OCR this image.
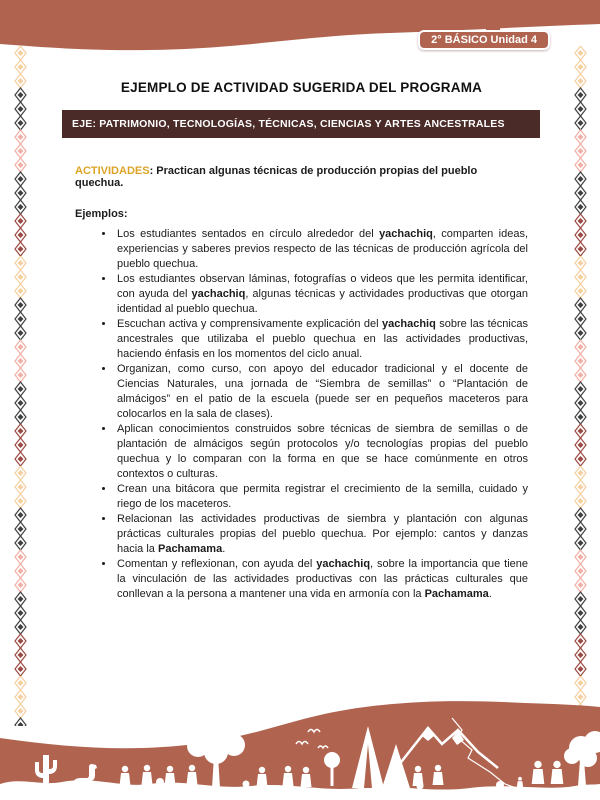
2° BÁSICO Unidad 4
EJEMPLO DE ACTIVIDAD SUGERIDA DEL PROGRAMA
EJE: PATRIMONIO, TECNOLOGÍAS, TÉCNICAS, CIENCIAS Y ARTES ANCESTRALES

ACTIVIDADES: Practican algunas técnicas de producción propias del pueblo quechua.

Ejemplos:

• Los estudiantes sentados en círculo alrededor del yachachiq, comparten ideas, experiencias y saberes previos respecto de las técnicas de producción agrícola del pueblo quechua.
• Los estudiantes observan láminas, fotografías o videos que les permita identificar, con ayuda del yachachiq, algunas técnicas y actividades productivas que otorgan identidad al pueblo quechua.
• Escuchan activa y comprensivamente explicación del yachachiq sobre las técnicas ancestrales que utilizaba el pueblo quechua en las actividades productivas, haciendo énfasis en los momentos del ciclo anual.
• Organizan, como curso, con apoyo del educador tradicional y el docente de Ciencias Naturales, una jornada de “Siembra de semillas” o “Plantación de almácigos” en el patio de la escuela (puede ser en pequeños maceteros para colocarlos en la sala de clases).
• Aplican conocimientos construidos sobre técnicas de siembra de semillas o de plantación de almácigos según protocolos y/o tecnologías propias del pueblo quechua y lo comparan con la forma en que se hace comúnmente en otros contextos o culturas.
• Crean una bitácora que permita registrar el crecimiento de la semilla, cuidado y riego de los maceteros.
• Relacionan las actividades productivas de siembra y plantación con algunas prácticas culturales propias del pueblo quechua. Por ejemplo: cantos y danzas hacia la Pachamama.
• Comentan y reflexionan, con ayuda del yachachiq, sobre la importancia que tiene la vinculación de las actividades productivas con las prácticas culturales que conllevan a la persona a mantener una vida en armonía con la Pachamama.
